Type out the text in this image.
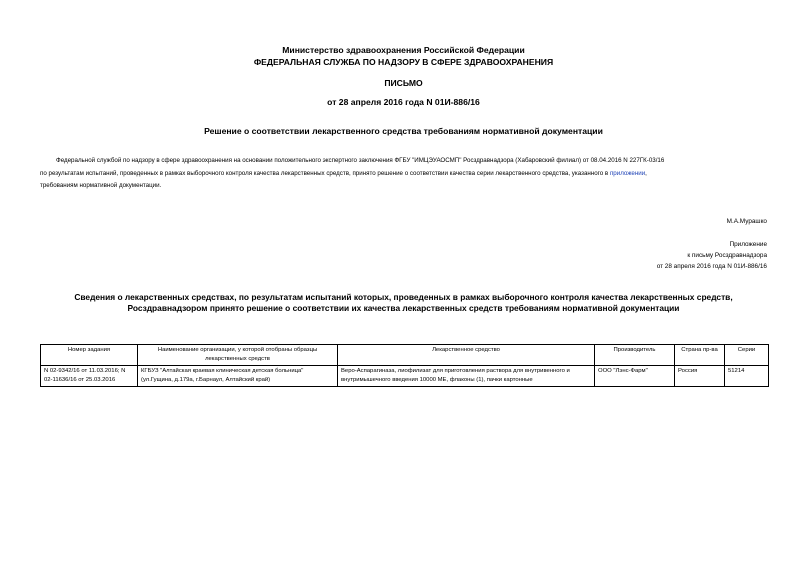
Министерство здравоохранения Российской Федерации
ФЕДЕРАЛЬНАЯ СЛУЖБА ПО НАДЗОРУ В СФЕРЕ ЗДРАВООХРАНЕНИЯ
ПИСЬМО
от 28 апреля 2016 года N 01И-886/16
Решение о соответствии лекарственного средства требованиям нормативной документации
Федеральной службой по надзору в сфере здравоохранения на основании положительного экспертного заключения ФГБУ "ИМЦЭУАОСМП" Росздравнадзора (Хабаровский филиал) от 08.04.2016 N 227ГК-03/16
по результатам испытаний, проведенных в рамках выборочного контроля качества лекарственных средств, принято решение о соответствии качества серии лекарственного средства, указанного в приложении,
требованиям нормативной документации.
М.А.Мурашко
Приложение
к письму Росздравнадзора
от 28 апреля 2016 года N 01И-886/16
Сведения о лекарственных средствах, по результатам испытаний которых, проведенных в рамках выборочного контроля качества лекарственных средств,
Росздравнадзором принято решение о соответствии их качества лекарственных средств требованиям нормативной документации
Номер задания	Наименование организации, у которой отобраны образцы лекарственных средств	Лекарственное средство	Производитель	Страна пр-ва	Серии
N 02-9342/16 от 11.03.2016; N 02-11636/16 от 25.03.2016	КГБУЗ "Алтайская краевая клиническая детская больница" (ул.Гущина, д.179а, г.Барнаул, Алтайский край)	Веро-Аспарагиназа, лиофилизат для приготовления раствора для внутривенного и внутримышечного введения 10000 МЕ, флаконы (1), пачки картонные	ООО "Лэнс-Фарм"	Россия	51214
